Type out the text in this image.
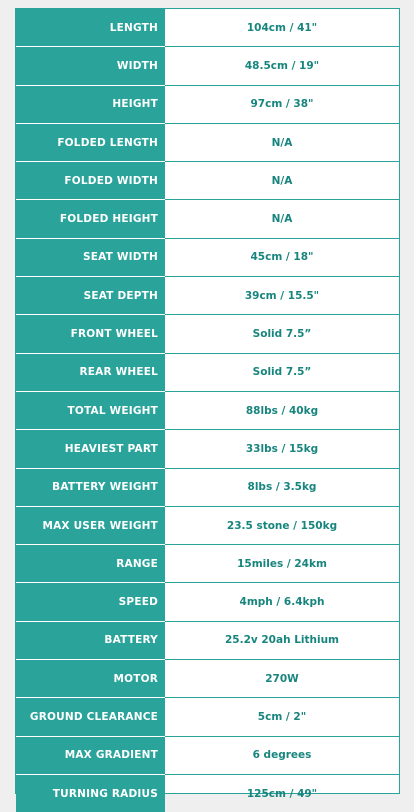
LENGTH	104cm / 41"
WIDTH	48.5cm / 19"
HEIGHT	97cm / 38"
FOLDED LENGTH	N/A
FOLDED WIDTH	N/A
FOLDED HEIGHT	N/A
SEAT WIDTH	45cm / 18"
SEAT DEPTH	39cm / 15.5"
FRONT WHEEL	Solid 7.5”
REAR WHEEL	Solid 7.5”
TOTAL WEIGHT	88lbs / 40kg
HEAVIEST PART	33lbs / 15kg
BATTERY WEIGHT	8lbs / 3.5kg
MAX USER WEIGHT	23.5 stone / 150kg
RANGE	15miles / 24km
SPEED	4mph / 6.4kph
BATTERY	25.2v 20ah Lithium
MOTOR	270W
GROUND CLEARANCE	5cm / 2"
MAX GRADIENT	6 degrees
TURNING RADIUS	125cm / 49"
